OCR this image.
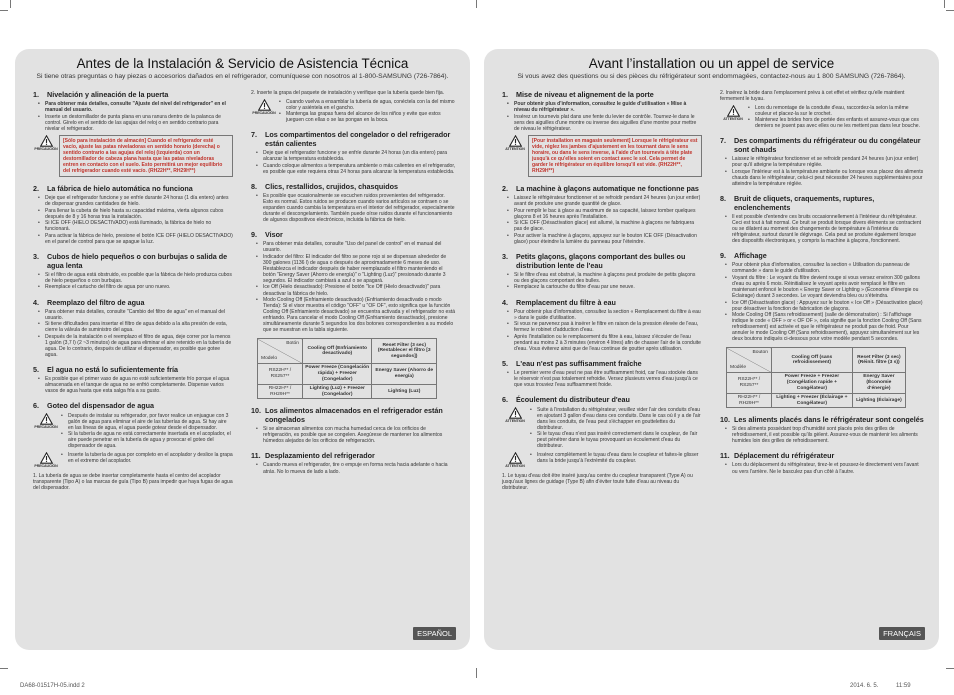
Antes de la Instalación & Servicio de Asistencia Técnica
Si tiene otras preguntas o hay piezas o accesorios dañados en el refrigerador, comuníquese con nosotros al 1-800-SAMSUNG (726-7864).
1.	Nivelación y alineación de la puerta
• Para obtener más detalles, consulte "Ajuste del nivel del refrigerador" en el manual del usuario.
• Inserte un destornillador de punta plana en una ranura dentro de la palanca de control. Gírelo en el sentido de las agujas del reloj o en sentido contrario para nivelar el refrigerador.
PRECAUCIÓN
[Sólo para instalación de almacén] Cuando el refrigerador esté vacío, ajuste las patas niveladoras en sentido horario (derecha) o sentido contrario a las agujas del reloj (izquierda) con un destornillador de cabeza plana hasta que las patas niveladoras entren en contacto con el suelo. Esto permitirá un mejor equilibrio del refrigerador cuando esté vacío. (RH22H**, RH29H**)
2.	La fábrica de hielo automática no funciona
• Deje que el refrigerador funcione y se enfríe durante 24 horas (1 día entero) antes de dispensar grandes cantidades de hielo.
• Para llenar la cubeta de hielo hasta su capacidad máxima, vierta algunos cubos después de 8 y 16 horas tras la instalación.
• Si ICE OFF (HIELO DESACTIVADO) está iluminado, la fábrica de hielo no funcionará.
• Para activar la fábrica de hielo, presione el botón ICE OFF (HIELO DESACTIVADO) en el panel de control para que se apague la luz.
3.	Cubos de hielo pequeños o con burbujas o salida de agua lenta
• Si el filtro de agua está obstruido, es posible que la fábrica de hielo produzca cubos de hielo pequeños o con burbujas.
• Reemplace el cartucho del filtro de agua por uno nuevo.
4.	Reemplazo del filtro de agua
• Para obtener más detalles, consulte "Cambio del filtro de agua" en el manual del usuario.
• Si tiene dificultades para insertar el filtro de agua debido a la alta presión de esta, cierre la válvula de suministro del agua.
• Después de la instalación o el reemplazo el filtro de agua, deje correr por la menos 1 galón (3,7 l) (2 ~3 minutos) de agua para eliminar el aire retenido en la tubería de agua. De lo contrario, después de utilizar el dispensador, es posible que gotee agua.
5.	El agua no está lo suficientemente fría
• Es posible que el primer vaso de agua no esté suficientemente frío porque el agua almacenada en el tanque de agua no se enfrió completamente. Dispense varios vasos de agua hasta que esta salga fría a su gusto.
6.	Goteo del dispensador de agua
PRECAUCIÓN
• Después de instalar su refrigerador, por favor realice un enjuague con 3 galón de agua para eliminar el aire de las tuberías de agua. Si hay aire en las líneas de agua, el agua puede gotear desde el dispensador.
• Si la tubería de agua no está correctamente insertada en el acoplador, el aire puede penetrar en la tubería de agua y provocar el goteo del dispensador de agua.
PRECAUCIÓN
• Inserte la tubería de agua por completo en el acoplador y deslice la grapa en el extremo del acoplador.
1. La tubería de agua se debe insertar completamente hasta el centro del acoplador transparente (Tipo A) o las marcas de guía (Tipo B) para impedir que haya fugas de agua del dispensador.
2. Inserte la grapa del paquete de instalación y verifique que la tubería quede bien fija.
PRECAUCIÓN
• Cuando vuelva a ensamblar la tubería de agua, conéctela con la del mismo color y asiéntela en el gancho.
• Mantenga las grapas fuera del alcance de los niños y evite que estos jueguen con ellas o se las pongan en la boca.
7.	Los compartimentos del congelador o del refrigerador están calientes
• Deje que el refrigerador funcione y se enfríe durante 24 horas (un día entero) para alcanzar la temperatura establecida.
• Cuando coloque alimentos a temperatura ambiente o más calientes en el refrigerador, es posible que este requiera otras 24 horas para alcanzar la temperatura establecida.
8.	Clics, restallidos, crujidos, chasquidos
• Es posible que ocasionalmente se escuchen ruidos provenientes del refrigerador. Esto es normal. Estos ruidos se producen cuando varios artículos se contraen o se expanden cuando cambia la temperatura en el interior del refrigerador, especialmente durante el descongelamiento. También puede oírse ruidos durante el funcionamiento de algunos dispositivos electrónicos, incluida la fábrica de hielo.
9.	Visor
• Para obtener más detalles, consulte "Uso del panel de control" en el manual del usuario.
• Indicador del filtro: El indicador del filtro se pone rojo si se dispensan alrededor de 300 galones (1136 l) de agua o después de aproximadamente 6 meses de uso. Restablezca el indicador después de haber reemplazado el filtro manteniendo el botón "Energy Saver (Ahorro de energía)" o "Lighting (Luz)" presionado durante 3 segundos. El indicador cambiará a azul o se apagará.
• Ice Off (Hielo desactivado): Presione el botón "Ice Off (Hielo desactivado)" para desactivar la fábrica de hielo.
• Modo Cooling Off (Enfriamiento desactivado) (Enfriamiento desactivado o modo Tienda): Si el visor muestra el código "OFF" u "OF OF", esto significa que la función Cooling Off (Enfriamiento desactivado) se encuentra activada y el refrigerador no está enfriando. Para cancelar el modo Cooling Off (Enfriamiento desactivado), presione simultáneamente durante 5 segundos los dos botones correspondientes a su modelo que se muestran en la tabla siguiente.
Botón
Modelo	Cooling Off (Enfriamiento desactivado)	Reset Filter (3 sec) (Restablecer el filtro [3 segundos])
RS22H** / RS257**	Power Freeze (Congelación rápida) + Freezer (Congelador)	Energy Saver (Ahorro de energía)
RH22H** / RH29H**	Lighting (Luz) + Freezer (Congelador)	Lighting (Luz)
10. Los alimentos almacenados en el refrigerador están congelados
• Si se almacenan alimentos con mucha humedad cerca de los orificios de refrigeración, es posible que se congelen. Asegúrese de mantener los alimentos húmedos alejados de los orificios de refrigeración.
11. Desplazamiento del refrigerador
• Cuando mueva el refrigerador, tire o empuje en forma recta hacia adelante o hacia atrás. No lo mueva de lado a lado.
ESPAÑOL
Avant l’installation ou un appel de service
Si vous avez des questions ou si des pièces du réfrigérateur sont endommagées, contactez-nous au 1 800 SAMSUNG (726-7864).
1.	Mise de niveau et alignement de la porte
• Pour obtenir plus d'information, consultez le guide d'utilisation « Mise à niveau du réfrigérateur ».
• Insérez un tournevis plat dans une fente du levier de contrôle. Tournez-le dans le sens des aiguilles d'une montre ou inverse des aiguilles d'une montre pour mettre de niveau le réfrigérateur.
ATTENTION
[Pour installation en magasin seulement] Lorsque le réfrigérateur est vide, réglez les jambes d'ajustement en les tournant dans le sens horaire, ou dans le sens inverse, à l'aide d'un tournevis à tête plate jusqu'à ce qu'elles soient en contact avec le sol. Cela permet de garder le réfrigérateur en équilibre lorsqu'il est vide. (RH22H**, RH29H**)
2.	La machine à glaçons automatique ne fonctionne pas
• Laissez le réfrigérateur fonctionner et se refroidir pendant 24 heures (un jour entier) avant de produire une grande quantité de glace.
• Pour remplir le bac à glace au maximum de sa capacité, laissez tomber quelques glaçons 8 et 16 heures après l'installation.
• Si ICE OFF (Désactivation glace) est allumé, la machine à glaçons ne fabriquera pas de glace.
• Pour activer la machine à glaçons, appuyez sur le bouton ICE OFF (Désactivation glace) pour éteindre la lumière du panneau pour l'éteindre.
3.	Petits glaçons, glaçons comportant des bulles ou distribution lente de l'eau
• Si le filtre d'eau est obstrué, la machine à glaçons peut produire de petits glaçons ou des glaçons comportant des bulles.
• Remplacez la cartouche du filtre d'eau par une neuve.
4.	Remplacement du filtre à eau
• Pour obtenir plus d'information, consultez la section « Remplacement du filtre à eau » dans le guide d'utilisation.
• Si vous ne parvenez pas à insérer le filtre en raison de la pression élevée de l'eau, fermez le robinet d'adduction d'eau.
• Après l'installation ou le remplacement du filtre à eau, laissez s'écouler de l'eau pendant au moins 2 à 3 minutes (environ 4 litres) afin de chasser l'air de la conduite d'eau. Vous éviterez ainsi que de l'eau continue de goutter après utilisation.
5.	L'eau n'est pas suffisamment fraîche
• Le premier verre d'eau peut ne pas être suffisamment froid, car l'eau stockée dans le réservoir n'est pas totalement refroidie. Versez plusieurs verres d'eau jusqu'à ce que vous trouviez l'eau suffisamment froide.
6.	Écoulement du distributeur d'eau
ATTENTION
• Suite à l'installation du réfrigérateur, veuillez vider l'air des conduits d'eau en ajoutant 3 gallon d'eau dans ces conduits. Dans le cas où il y a de l'air dans les conduits, de l'eau peut s'échapper en gouttelettes du distributeur.
• Si le tuyau d'eau n'est pas inséré correctement dans le coupleur, de l'air peut pénétrer dans le tuyau provoquant un écoulement d'eau du distributeur.
ATTENTION
• Insérez complètement le tuyau d'eau dans le coupleur et faites-le glisser dans la bride jusqu'à l'extrémité du coupleur.
1. Le tuyau d'eau doit être inséré jusqu'au centre du coupleur transparent (Type A) ou jusqu'aux lignes de guidage (Type B) afin d'éviter toute fuite d'eau au niveau du distributeur.
2. Insérez la bride dans l'emplacement prévu à cet effet et vérifiez qu'elle maintient fermement le tuyau.
ATTENTION
• Lors du remontage de la conduite d'eau, raccordez-la selon la même couleur et placez-la sur le crochet.
• Maintenez les brides hors de portée des enfants et assurez-vous que ces derniers ne jouent pas avec elles ou ne les mettent pas dans leur bouche.
7.	Des compartiments du réfrigérateur ou du congélateur sont chauds
• Laissez le réfrigérateur fonctionner et se refroidir pendant 24 heures (un jour entier) pour qu'il atteigne la température réglée.
• Lorsque l'intérieur est à la température ambiante ou lorsque vous placez des aliments chauds dans le réfrigérateur, celui-ci peut nécessiter 24 heures supplémentaires pour atteindre la température réglée.
8.	Bruit de cliquets, craquements, ruptures, enclenchements
• Il est possible d'entendre ces bruits occasionnellement à l'intérieur du réfrigérateur. Ceci est tout à fait normal. Ce bruit se produit lorsque divers éléments se contractent ou se dilatent au moment des changements de température à l'intérieur du réfrigérateur, surtout durant le dégivrage. Cela peut se produire également lorsque des dispositifs électroniques, y compris la machine à glaçons, fonctionnent.
9.	Affichage
• Pour obtenir plus d'information, consultez la section « Utilisation du panneau de commande » dans le guide d'utilisation.
• Voyant du filtre : Le voyant du filtre devient rouge si vous versez environ 300 gallons d'eau ou après 6 mois. Réinitialisez le voyant après avoir remplacé le filtre en maintenant enfoncé le bouton « Energy Saver or Lighting » (Économie d'énergie ou Éclairage) durant 3 secondes. Le voyant deviendra bleu ou s'éteindra.
• Ice Off (Désactivation glace) : Appuyez sur le bouton « Ice Off » (Désactivation glace) pour désactiver la fonction de fabrication de glaçons.
• Mode Cooling Off (Sans refroidissement) (salle de démonstration) : Si l'affichage indique le code « OFF » or « OF OF », cela signifie que la fonction Cooling Off (Sans refroidissement) est activée et que le réfrigérateur ne produit pas de froid. Pour annuler le mode Cooling Off (Sans refroidissement), appuyez simultanément sur les deux boutons indiqués ci-dessous pour votre modèle pendant 5 secondes.
Bouton
Modèle	Cooling Off (sans refroidissement)	Reset Filter (3 sec) (Réinit. filtre (3 s))
RS22H** / RS257**	Power Freeze + Freezer (Congélation rapide + Congélateur)	Energy Saver (Économie d'énergie)
RH22H** / RH29H**	Lighting + Freezer (Éclairage + Congélateur)	Lighting (Éclairage)
10. Les aliments placés dans le réfrigérateur sont congelés
• Si des aliments possédant trop d'humidité sont placés près des grilles de refroidissement, il est possible qu'ils gèlent. Assurez-vous de maintenir les aliments humides loin des grilles de refroidissement.
11. Déplacement du réfrigérateur
• Lors du déplacement du réfrigérateur, tirez-le et poussez-le directement vers l'avant ou vers l'arrière. Ne le basculez pas d'un côté à l'autre.
FRANÇAIS
DA68-01517H-05.indd 2	2014. 6. 5.	11:59
